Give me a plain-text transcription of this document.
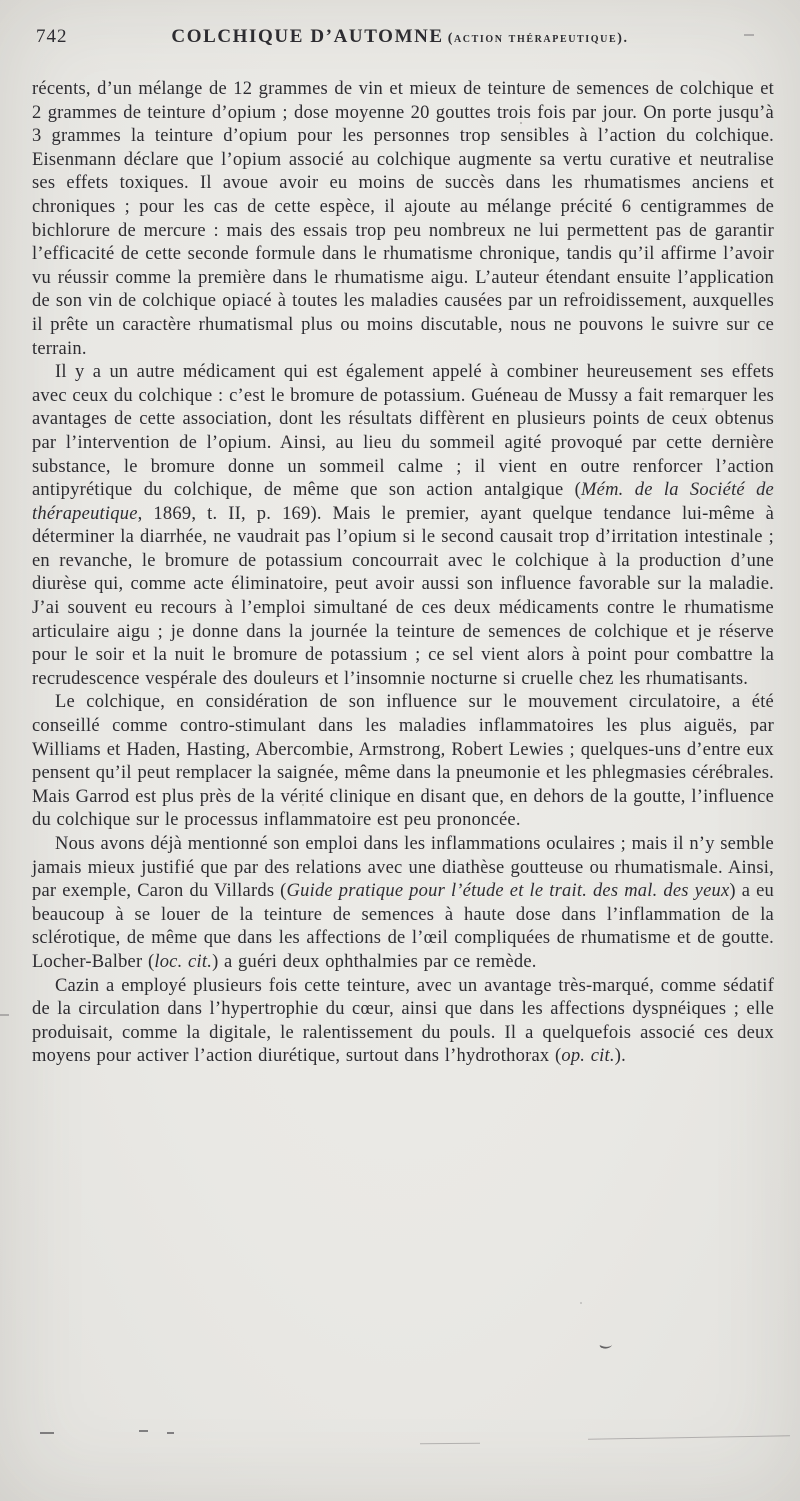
742	COLCHIQUE D’AUTOMNE (action thérapeutique).

récents, d’un mélange de 12 grammes de vin et mieux de teinture de semences de colchique et 2 grammes de teinture d’opium ; dose moyenne 20 gouttes trois fois par jour. On porte jusqu’à 3 grammes la teinture d’opium pour les personnes trop sensibles à l’action du colchique. Eisenmann déclare que l’opium associé au colchique augmente sa vertu curative et neutralise ses effets toxiques. Il avoue avoir eu moins de succès dans les rhumatismes anciens et chroniques ; pour les cas de cette espèce, il ajoute au mélange précité 6 centigrammes de bichlorure de mercure : mais des essais trop peu nombreux ne lui permettent pas de garantir l’efficacité de cette seconde formule dans le rhumatisme chronique, tandis qu’il affirme l’avoir vu réussir comme la première dans le rhumatisme aigu. L’auteur étendant ensuite l’application de son vin de colchique opiacé à toutes les maladies causées par un refroidissement, auxquelles il prête un caractère rhumatismal plus ou moins discutable, nous ne pouvons le suivre sur ce terrain.

Il y a un autre médicament qui est également appelé à combiner heureusement ses effets avec ceux du colchique : c’est le bromure de potassium. Guéneau de Mussy a fait remarquer les avantages de cette association, dont les résultats diffèrent en plusieurs points de ceux obtenus par l’intervention de l’opium. Ainsi, au lieu du sommeil agité provoqué par cette dernière substance, le bromure donne un sommeil calme ; il vient en outre renforcer l’action antipyrétique du colchique, de même que son action antalgique (Mém. de la Société de thérapeutique, 1869, t. II, p. 169). Mais le premier, ayant quelque tendance lui-même à déterminer la diarrhée, ne vaudrait pas l’opium si le second causait trop d’irritation intestinale ; en revanche, le bromure de potassium concourrait avec le colchique à la production d’une diurèse qui, comme acte éliminatoire, peut avoir aussi son influence favorable sur la maladie. J’ai souvent eu recours à l’emploi simultané de ces deux médicaments contre le rhumatisme articulaire aigu ; je donne dans la journée la teinture de semences de colchique et je réserve pour le soir et la nuit le bromure de potassium ; ce sel vient alors à point pour combattre la recrudescence vespérale des douleurs et l’insomnie nocturne si cruelle chez les rhumatisants.

Le colchique, en considération de son influence sur le mouvement circulatoire, a été conseillé comme contro-stimulant dans les maladies inflammatoires les plus aiguës, par Williams et Haden, Hasting, Abercombie, Armstrong, Robert Lewies ; quelques-uns d’entre eux pensent qu’il peut remplacer la saignée, même dans la pneumonie et les phlegmasies cérébrales. Mais Garrod est plus près de la vérité clinique en disant que, en dehors de la goutte, l’influence du colchique sur le processus inflammatoire est peu prononcée.

Nous avons déjà mentionné son emploi dans les inflammations oculaires ; mais il n’y semble jamais mieux justifié que par des relations avec une diathèse goutteuse ou rhumatismale. Ainsi, par exemple, Caron du Villards (Guide pratique pour l’étude et le trait. des mal. des yeux) a eu beaucoup à se louer de la teinture de semences à haute dose dans l’inflammation de la sclérotique, de même que dans les affections de l’œil compliquées de rhumatisme et de goutte. Locher-Balber (loc. cit.) a guéri deux ophthalmies par ce remède.

Cazin a employé plusieurs fois cette teinture, avec un avantage très-marqué, comme sédatif de la circulation dans l’hypertrophie du cœur, ainsi que dans les affections dyspnéiques ; elle produisait, comme la digitale, le ralentissement du pouls. Il a quelquefois associé ces deux moyens pour activer l’action diurétique, surtout dans l’hydrothorax (op. cit.).
